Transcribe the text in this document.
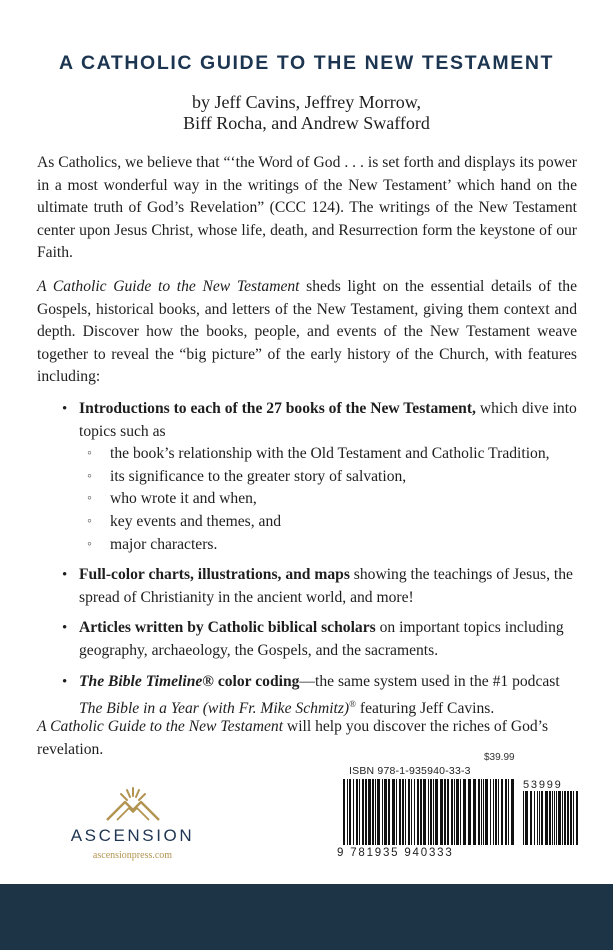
A CATHOLIC GUIDE TO THE NEW TESTAMENT
by Jeff Cavins, Jeffrey Morrow,
Biff Rocha, and Andrew Swafford

As Catholics, we believe that “‘the Word of God . . . is set forth and displays its power in a most wonderful way in the writings of the New Testament’ which hand on the ultimate truth of God’s Revelation” (CCC 124). The writings of the New Testament center upon Jesus Christ, whose life, death, and Resurrection form the keystone of our Faith.

A Catholic Guide to the New Testament sheds light on the essential details of the Gospels, historical books, and letters of the New Testament, giving them context and depth. Discover how the books, people, and events of the New Testament weave together to reveal the “big picture” of the early history of the Church, with features including:

• Introductions to each of the 27 books of the New Testament, which dive into topics such as
◦ the book’s relationship with the Old Testament and Catholic Tradition,
◦ its significance to the greater story of salvation,
◦ who wrote it and when,
◦ key events and themes, and
◦ major characters.
• Full-color charts, illustrations, and maps showing the teachings of Jesus, the spread of Christianity in the ancient world, and more!
• Articles written by Catholic biblical scholars on important topics including geography, archaeology, the Gospels, and the sacraments.
• The Bible Timeline® color coding—the same system used in the #1 podcast The Bible in a Year (with Fr. Mike Schmitz)® featuring Jeff Cavins.

A Catholic Guide to the New Testament will help you discover the riches of God’s revelation.

ASCENSION
ascensionpress.com
$39.99
ISBN 978-1-935940-33-3
53999
9 781935 940333
